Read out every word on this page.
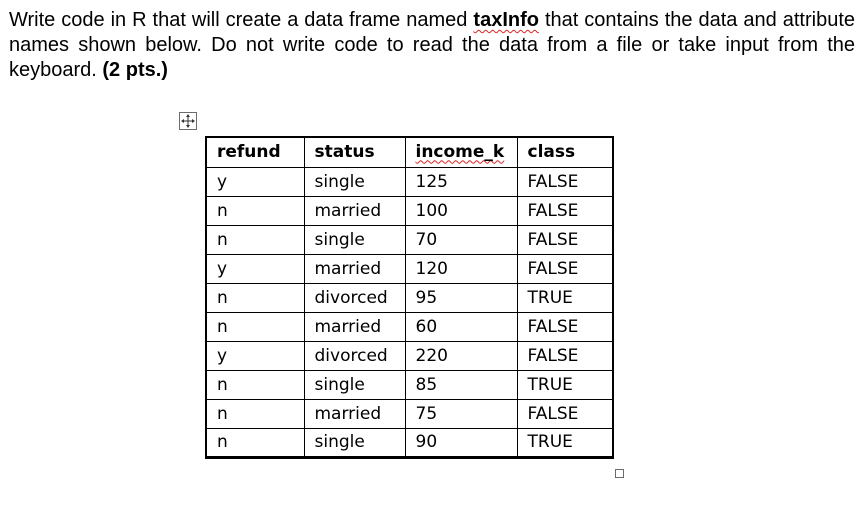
Write code in R that will create a data frame named taxInfo that contains the data and attribute names shown below. Do not write code to read the data from a file or take input from the keyboard. (2 pts.)
refund	status	income_k	class
y	single	125	FALSE
n	married	100	FALSE
n	single	70	FALSE
y	married	120	FALSE
n	divorced	95	TRUE
n	married	60	FALSE
y	divorced	220	FALSE
n	single	85	TRUE
n	married	75	FALSE
n	single	90	TRUE
